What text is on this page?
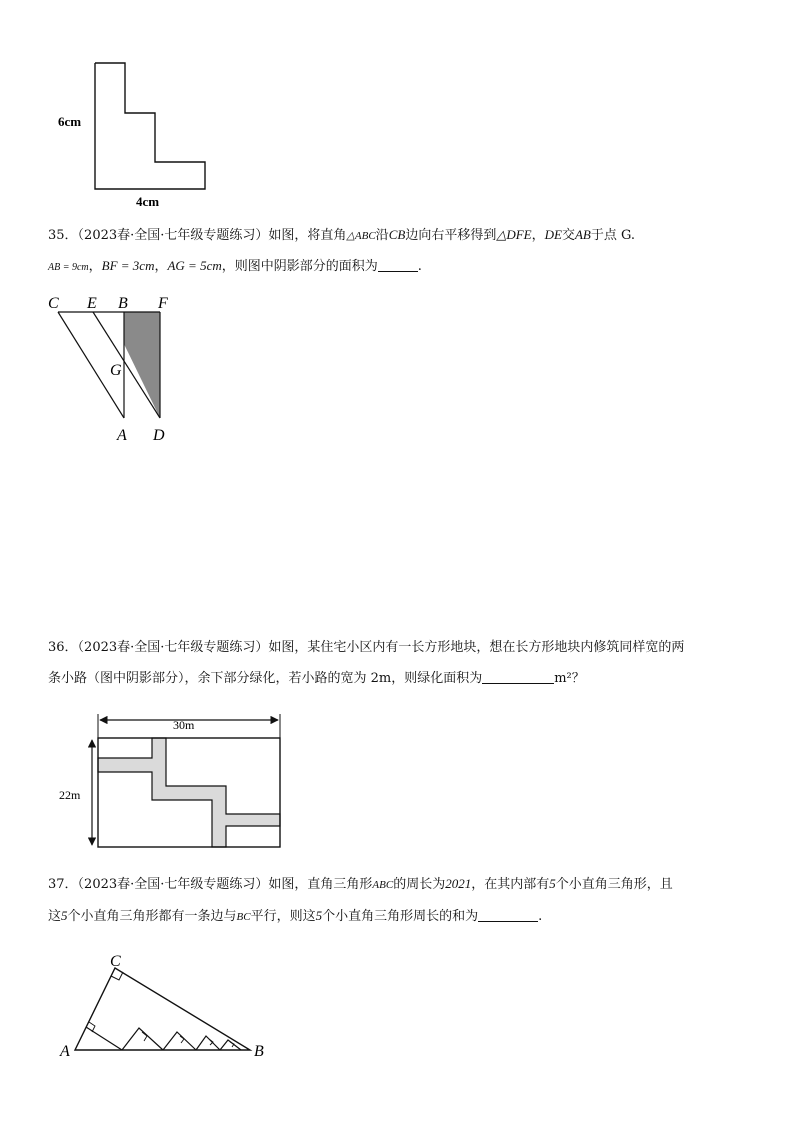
6cm
4cm
35．（2023春·全国·七年级专题练习）如图，将直角△ABC沿CB边向右平移得到△DFE，DE交AB于点 G.
AB = 9cm，BF = 3cm，AG = 5cm，则图中阴影部分的面积为	.
C E B F
G
A D
36．（2023春·全国·七年级专题练习）如图，某住宅小区内有一长方形地块，想在长方形地块内修筑同样宽的两
条小路（图中阴影部分），余下部分绿化，若小路的宽为 2m，则绿化面积为	m²？
30m
22m
37．（2023春·全国·七年级专题练习）如图，直角三角形ABC的周长为2021，在其内部有5个小直角三角形，且
这5个小直角三角形都有一条边与BC平行，则这5个小直角三角形周长的和为	.
A	B
C
